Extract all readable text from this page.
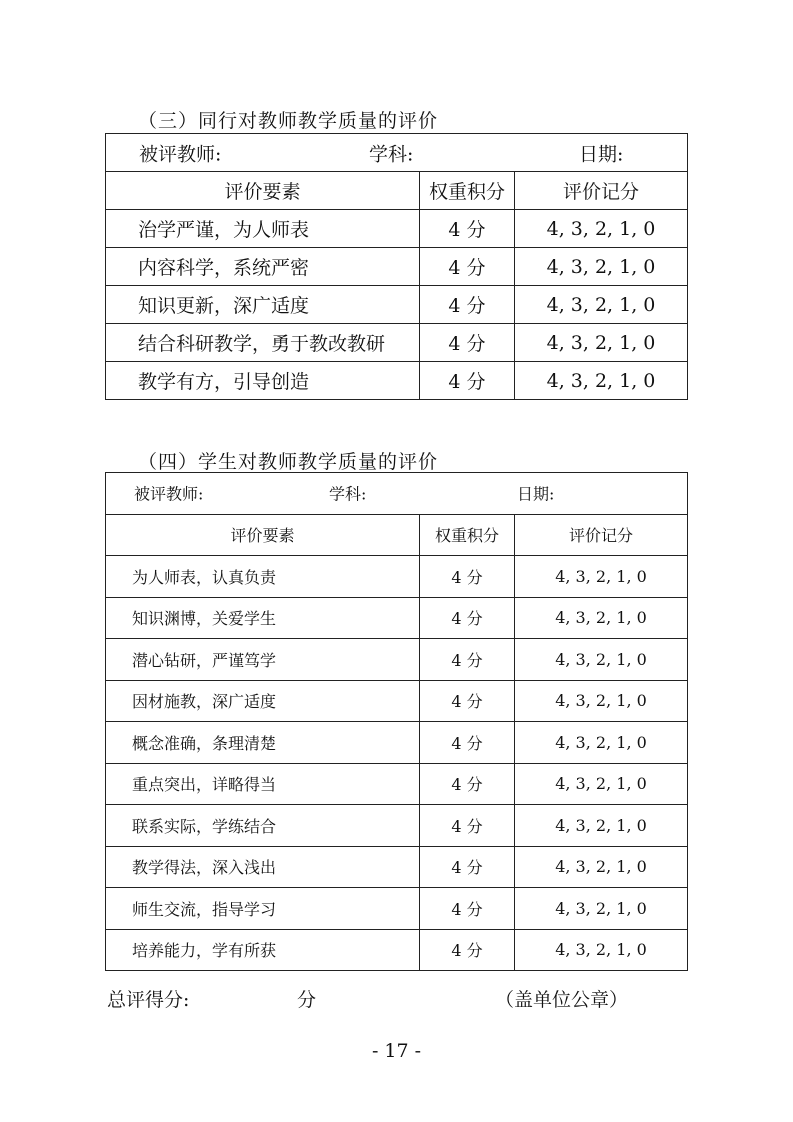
（三）同行对教师教学质量的评价
被评教师: 学科: 日期:		

评价要素	权重积分	评价记分
治学严谨，为人师表	4 分	4, 3, 2, 1, 0
内容科学，系统严密	4 分	4, 3, 2, 1, 0
知识更新，深广适度	4 分	4, 3, 2, 1, 0
结合科研教学，勇于教改教研	4 分	4, 3, 2, 1, 0
教学有方，引导创造	4 分	4, 3, 2, 1, 0
（四）学生对教师教学质量的评价
被评教师: 学科: 日期:		

评价要素	权重积分	评价记分
为人师表，认真负责	4 分	4, 3, 2, 1, 0
知识渊博，关爱学生	4 分	4, 3, 2, 1, 0
潜心钻研，严谨笃学	4 分	4, 3, 2, 1, 0
因材施教，深广适度	4 分	4, 3, 2, 1, 0
概念准确，条理清楚	4 分	4, 3, 2, 1, 0
重点突出，详略得当	4 分	4, 3, 2, 1, 0
联系实际，学练结合	4 分	4, 3, 2, 1, 0
教学得法，深入浅出	4 分	4, 3, 2, 1, 0
师生交流，指导学习	4 分	4, 3, 2, 1, 0
培养能力，学有所获	4 分	4, 3, 2, 1, 0
总评得分:	分	（盖单位公章）
- 17 -
